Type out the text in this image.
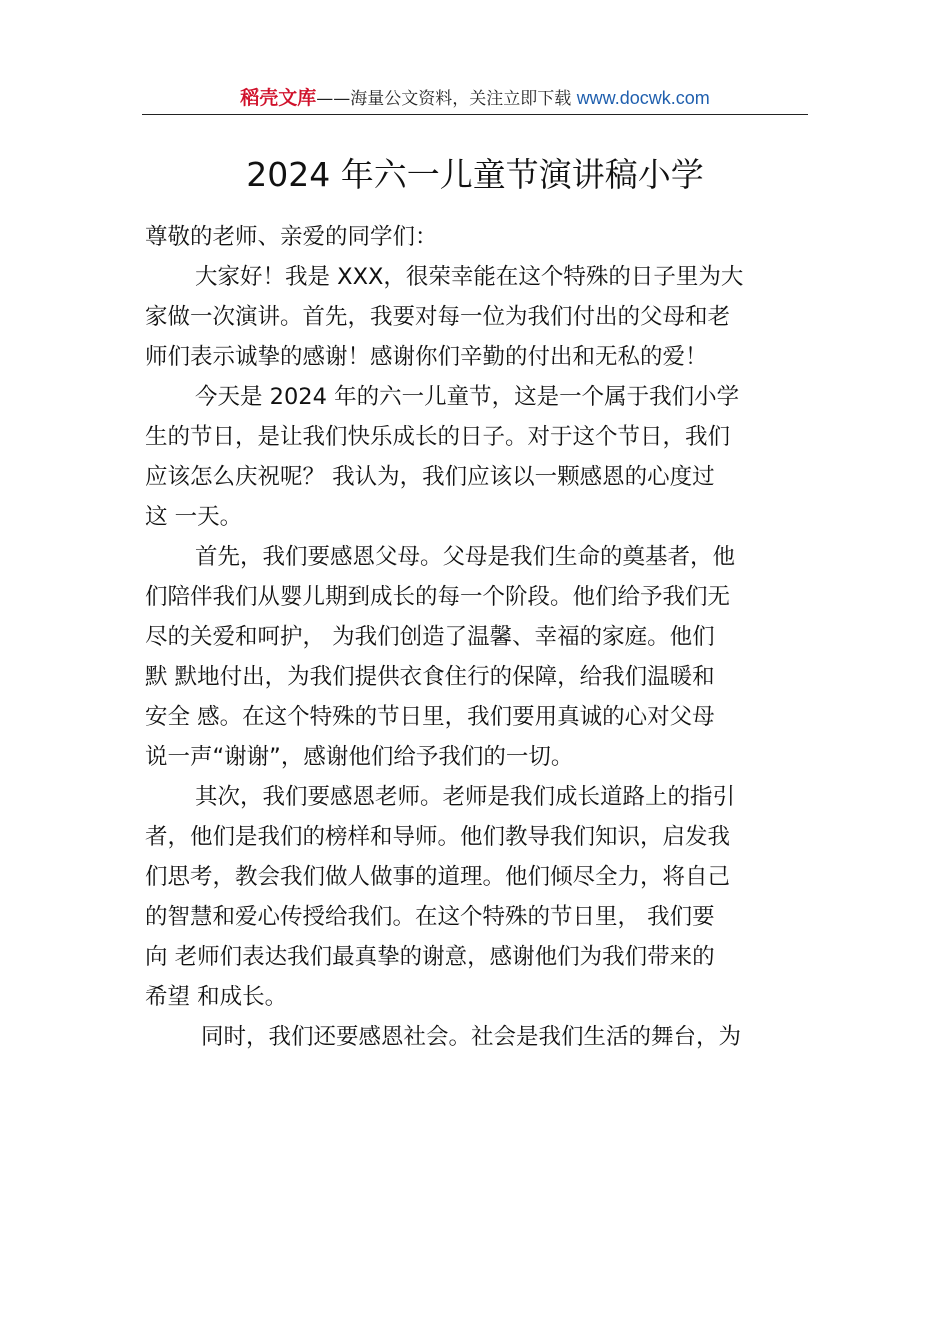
稻壳文库——海量公文资料，关注立即下载 www.docwk.com
2024 年六一儿童节演讲稿小学
尊敬的老师、亲爱的同学们：
大家好！我是 XXX，很荣幸能在这个特殊的日子里为大
家做一次演讲。首先，我要对每一位为我们付出的父母和老
师们表示诚挚的感谢！感谢你们辛勤的付出和无私的爱！
今天是 2024 年的六一儿童节，这是一个属于我们小学
生的节日，是让我们快乐成长的日子。对于这个节日，我们
应该怎么庆祝呢？ 我认为，我们应该以一颗感恩的心度过
这 一天。
首先，我们要感恩父母。父母是我们生命的奠基者，他
们陪伴我们从婴儿期到成长的每一个阶段。他们给予我们无
尽的关爱和呵护， 为我们创造了温馨、幸福的家庭。他们
默 默地付出，为我们提供衣食住行的保障，给我们温暖和
安全 感。在这个特殊的节日里，我们要用真诚的心对父母
说一声“谢谢”，感谢他们给予我们的一切。
其次，我们要感恩老师。老师是我们成长道路上的指引
者，他们是我们的榜样和导师。他们教导我们知识，启发我
们思考，教会我们做人做事的道理。他们倾尽全力，将自己
的智慧和爱心传授给我们。在这个特殊的节日里， 我们要
向 老师们表达我们最真挚的谢意，感谢他们为我们带来的
希望 和成长。
同时，我们还要感恩社会。社会是我们生活的舞台，为
